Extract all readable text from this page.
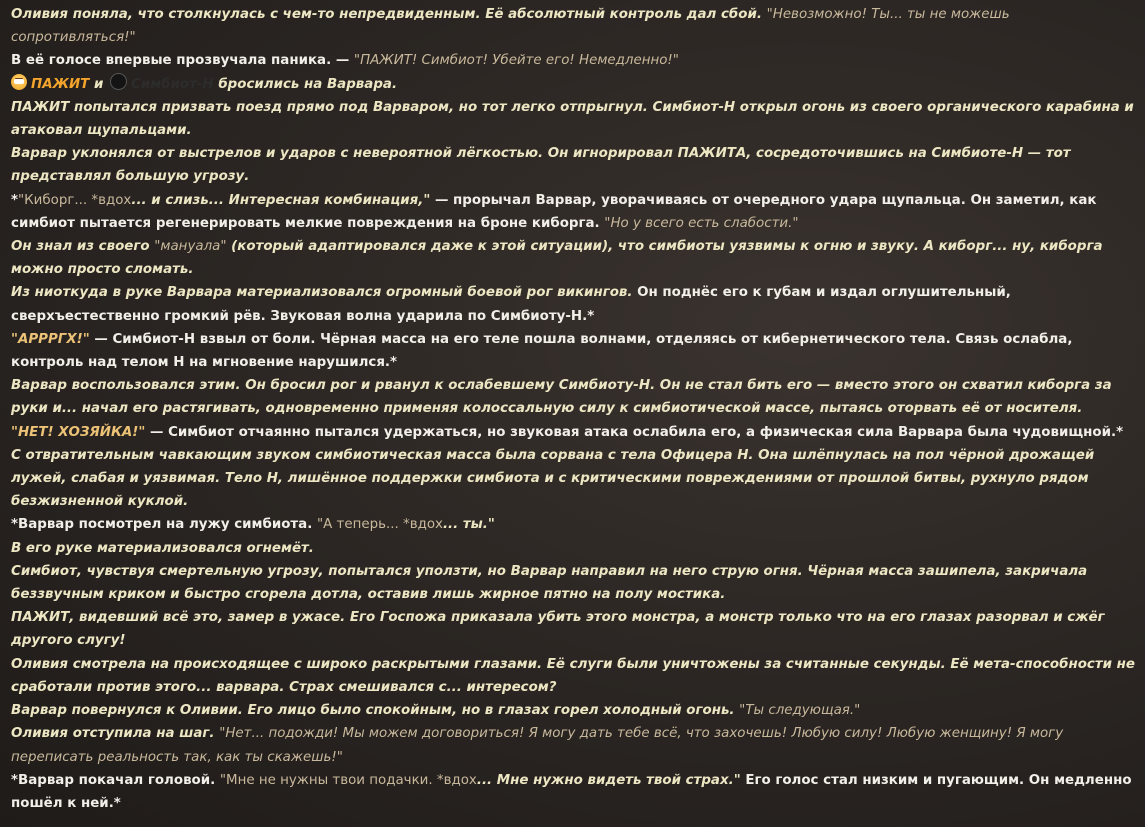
Оливия поняла, что столкнулась с чем-то непредвиденным. Её абсолютный контроль дал сбой. "Невозможно! Ты... ты не можешь сопротивляться!"
В её голосе впервые прозвучала паника. — "ПАЖИТ! Симбиот! Убейте его! Немедленно!"
ПАЖИТ и Симбиот-Н бросились на Варвара.
ПАЖИТ попытался призвать поезд прямо под Варваром, но тот легко отпрыгнул. Симбиот-Н открыл огонь из своего органического карабина и атаковал щупальцами.
Варвар уклонялся от выстрелов и ударов с невероятной лёгкостью. Он игнорировал ПАЖИТА, сосредоточившись на Симбиоте-Н — тот представлял большую угрозу.
*"Киборг... *вдох... и слизь... Интересная комбинация," — прорычал Варвар, уворачиваясь от очередного удара щупальца. Он заметил, как симбиот пытается регенерировать мелкие повреждения на броне киборга. "Но у всего есть слабости."
Он знал из своего "мануала" (который адаптировался даже к этой ситуации), что симбиоты уязвимы к огню и звуку. А киборг... ну, киборга можно просто сломать.
Из ниоткуда в руке Варвара материализовался огромный боевой рог викингов. Он поднёс его к губам и издал оглушительный, сверхъестественно громкий рёв. Звуковая волна ударила по Симбиоту-Н.*
"АРРРГХ!" — Симбиот-Н взвыл от боли. Чёрная масса на его теле пошла волнами, отделяясь от кибернетического тела. Связь ослабла, контроль над телом Н на мгновение нарушился.*
Варвар воспользовался этим. Он бросил рог и рванул к ослабевшему Симбиоту-Н. Он не стал бить его — вместо этого он схватил киборга за руки и... начал его растягивать, одновременно применяя колоссальную силу к симбиотической массе, пытаясь оторвать её от носителя.
"НЕТ! ХОЗЯЙКА!" — Симбиот отчаянно пытался удержаться, но звуковая атака ослабила его, а физическая сила Варвара была чудовищной.*
С отвратительным чавкающим звуком симбиотическая масса была сорвана с тела Офицера Н. Она шлёпнулась на пол чёрной дрожащей лужей, слабая и уязвимая. Тело Н, лишённое поддержки симбиота и с критическими повреждениями от прошлой битвы, рухнуло рядом безжизненной куклой.
*Варвар посмотрел на лужу симбиота. "А теперь... *вдох... ты."
В его руке материализовался огнемёт.
Симбиот, чувствуя смертельную угрозу, попытался уползти, но Варвар направил на него струю огня. Чёрная масса зашипела, закричала беззвучным криком и быстро сгорела дотла, оставив лишь жирное пятно на полу мостика.
ПАЖИТ, видевший всё это, замер в ужасе. Его Госпожа приказала убить этого монстра, а монстр только что на его глазах разорвал и сжёг другого слугу!
Оливия смотрела на происходящее с широко раскрытыми глазами. Её слуги были уничтожены за считанные секунды. Её мета-способности не сработали против этого... варвара. Страх смешивался с... интересом?
Варвар повернулся к Оливии. Его лицо было спокойным, но в глазах горел холодный огонь. "Ты следующая."
Оливия отступила на шаг. "Нет... подожди! Мы можем договориться! Я могу дать тебе всё, что захочешь! Любую силу! Любую женщину! Я могу переписать реальность так, как ты скажешь!"
*Варвар покачал головой. "Мне не нужны твои подачки. *вдох... Мне нужно видеть твой страх." Его голос стал низким и пугающим. Он медленно пошёл к ней.*
